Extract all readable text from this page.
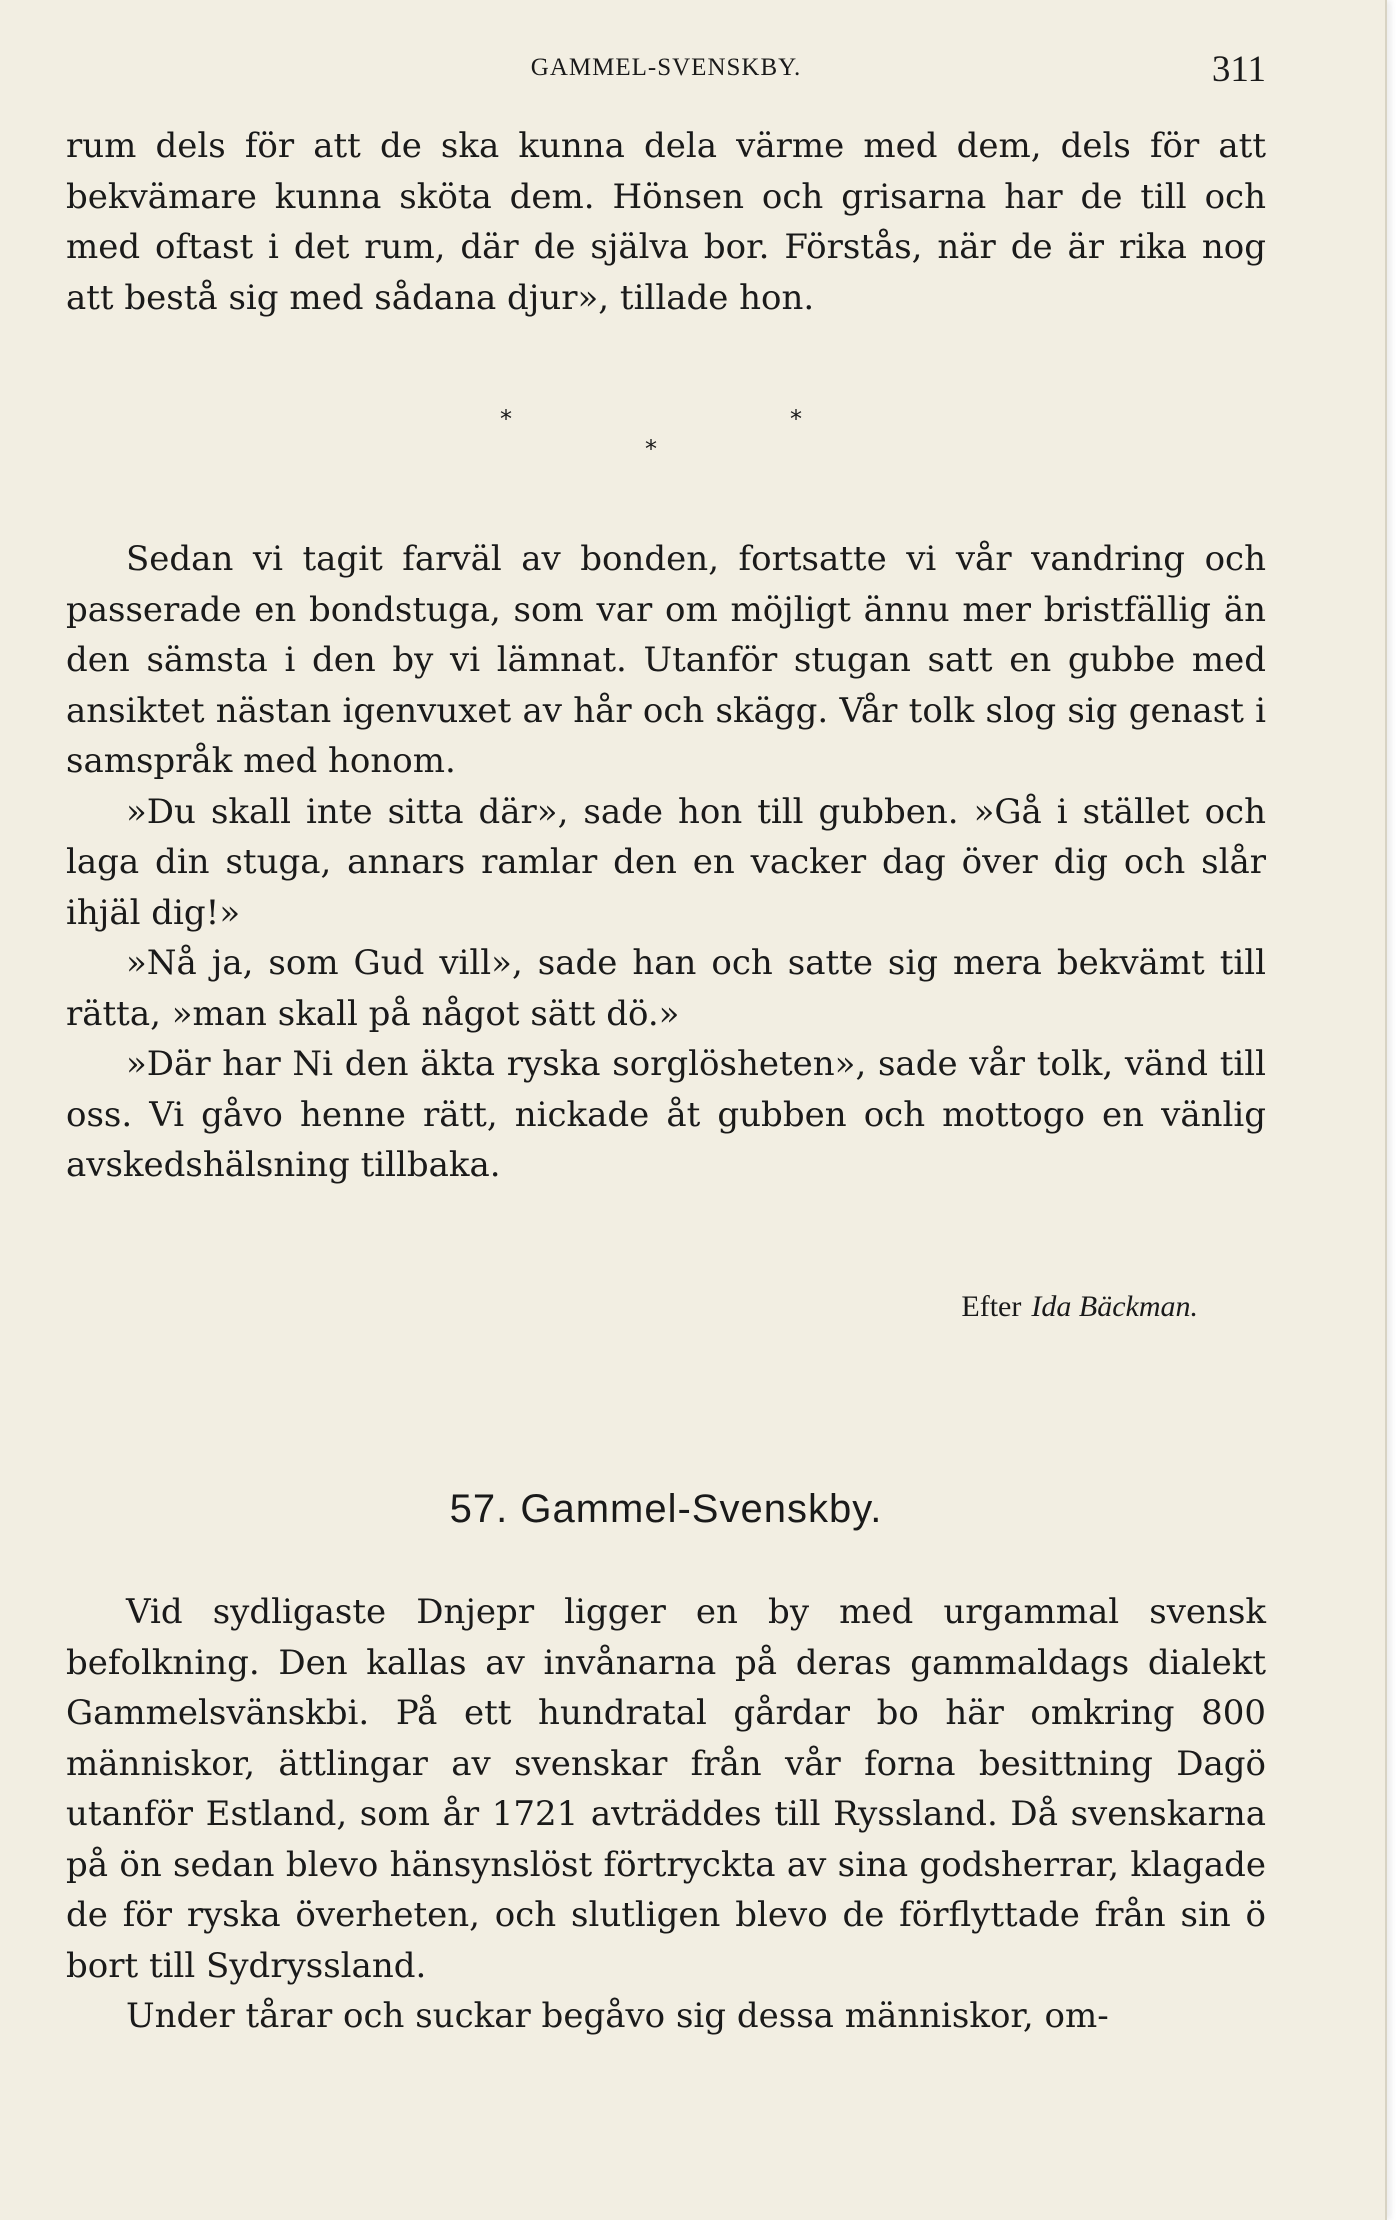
GAMMEL-SVENSKBY.	311

rum dels för att de ska kunna dela värme med dem, dels för att bekvämare kunna sköta dem. Hönsen och grisarna har de till och med oftast i det rum, där de själva bor. Förstås, när de är rika nog att bestå sig med sådana djur», tillade hon.

*	*
*

Sedan vi tagit farväl av bonden, fortsatte vi vår vandring och passerade en bondstuga, som var om möjligt ännu mer bristfällig än den sämsta i den by vi lämnat. Utanför stugan satt en gubbe med ansiktet nästan igenvuxet av hår och skägg. Vår tolk slog sig genast i samspråk med honom.

»Du skall inte sitta där», sade hon till gubben. »Gå i stället och laga din stuga, annars ramlar den en vacker dag över dig och slår ihjäl dig!»

»Nå ja, som Gud vill», sade han och satte sig mera bekvämt till rätta, »man skall på något sätt dö.»

»Där har Ni den äkta ryska sorglösheten», sade vår tolk, vänd till oss. Vi gåvo henne rätt, nickade åt gubben och mottogo en vänlig avskedshälsning tillbaka.

Efter Ida Bäckman.
57. Gammel-Svenskby.

Vid sydligaste Dnjepr ligger en by med urgammal svensk befolkning. Den kallas av invånarna på deras gammaldags dialekt Gammelsvänskbi. På ett hundratal gårdar bo här omkring 800 människor, ättlingar av svenskar från vår forna besittning Dagö utanför Estland, som år 1721 avträddes till Ryssland. Då svenskarna på ön sedan blevo hänsynslöst förtryckta av sina godsherrar, klagade de för ryska överheten, och slutligen blevo de förflyttade från sin ö bort till Sydryssland.

Under tårar och suckar begåvo sig dessa människor, om-
